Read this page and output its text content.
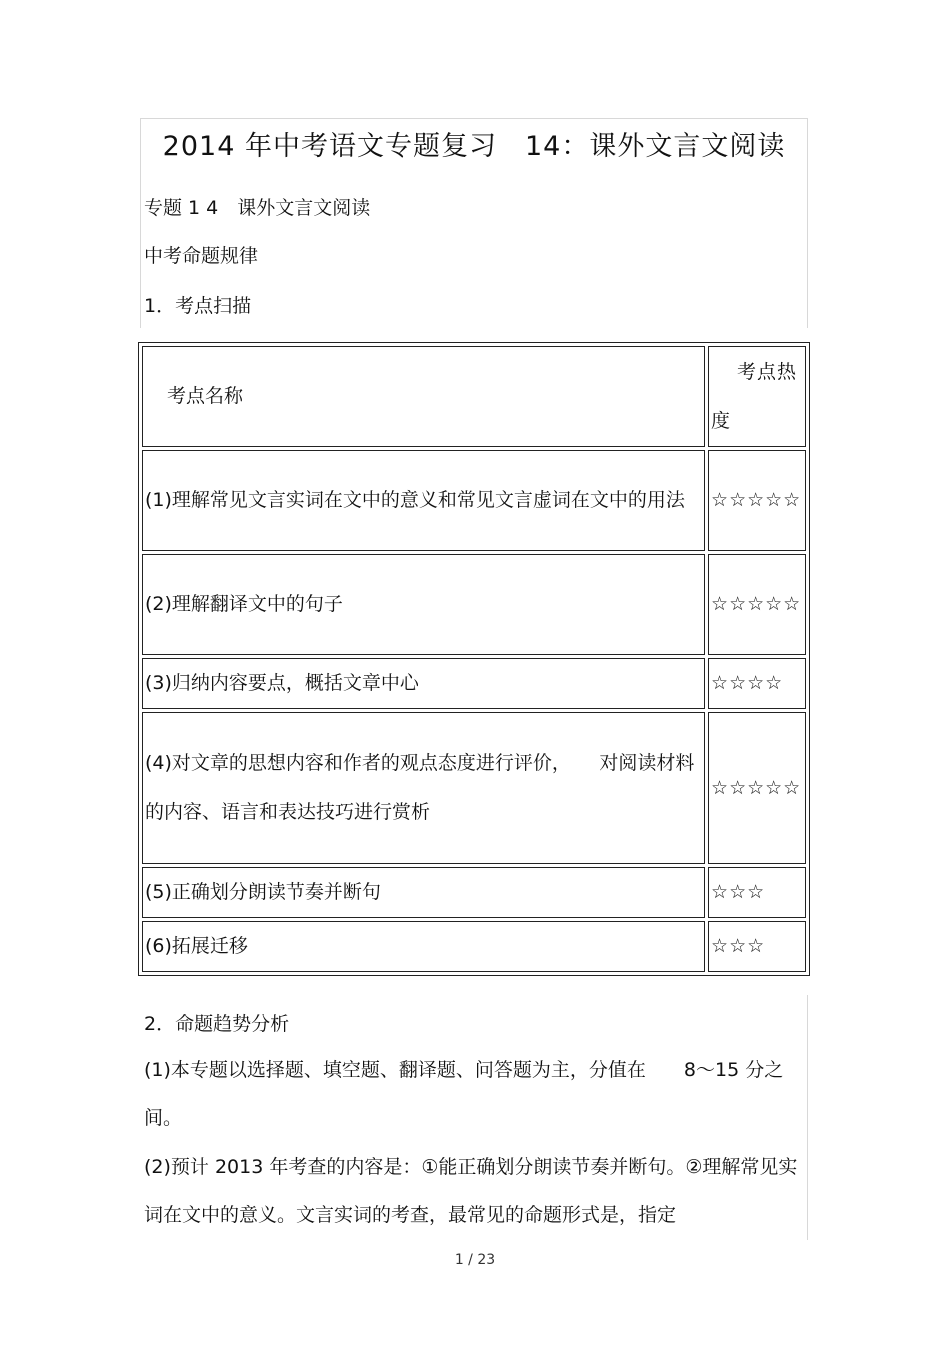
2014 年中考语文专题复习　14：课外文言文阅读
专题 1 4　课外文言文阅读
中考命题规律
1．考点扫描
考点名称	考点热度
(1)理解常见文言实词在文中的意义和常见文言虚词在文中的用法	☆☆☆☆☆
(2)理解翻译文中的句子	☆☆☆☆☆
(3)归纳内容要点，概括文章中心	☆☆☆☆
(4)对文章的思想内容和作者的观点态度进行评价，　　对阅读材料的内容、语言和表达技巧进行赏析	☆☆☆☆☆
(5)正确划分朗读节奏并断句	☆☆☆
(6)拓展迁移	☆☆☆
2．命题趋势分析
(1)本专题以选择题、填空题、翻译题、问答题为主，分值在　　8～15 分之间。
(2)预计 2013 年考查的内容是：①能正确划分朗读节奏并断句。②理解常见实词在文中的意义。文言实词的考查，最常见的命题形式是，指定
1 / 23
